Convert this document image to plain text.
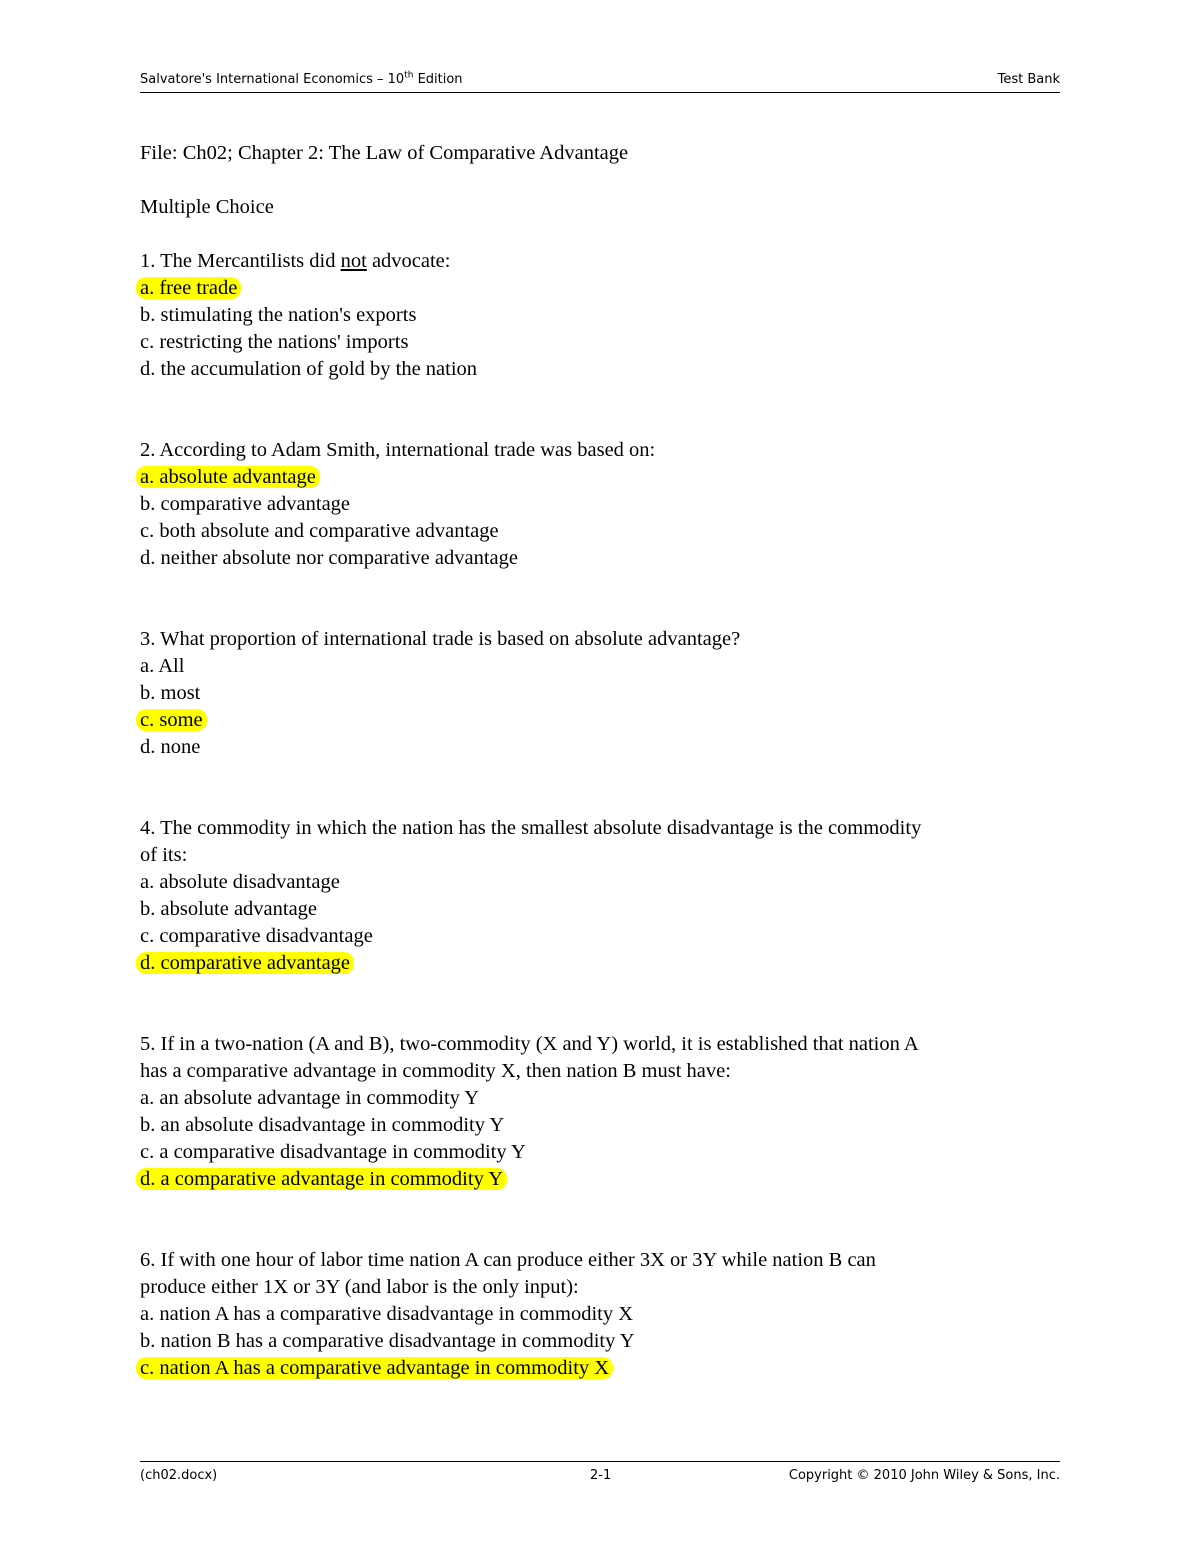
Salvatore's International Economics – 10th Edition	Test Bank
File: Ch02; Chapter 2: The Law of Comparative Advantage
Multiple Choice
1. The Mercantilists did not advocate:
a. free trade
b. stimulating the nation's exports
c. restricting the nations' imports
d. the accumulation of gold by the nation
2. According to Adam Smith, international trade was based on:
a. absolute advantage
b. comparative advantage
c. both absolute and comparative advantage
d. neither absolute nor comparative advantage
3. What proportion of international trade is based on absolute advantage?
a. All
b. most
c. some
d. none
4. The commodity in which the nation has the smallest absolute disadvantage is the commodity
of its:
a. absolute disadvantage
b. absolute advantage
c. comparative disadvantage
d. comparative advantage
5. If in a two-nation (A and B), two-commodity (X and Y) world, it is established that nation A
has a comparative advantage in commodity X, then nation B must have:
a. an absolute advantage in commodity Y
b. an absolute disadvantage in commodity Y
c. a comparative disadvantage in commodity Y
d. a comparative advantage in commodity Y
6. If with one hour of labor time nation A can produce either 3X or 3Y while nation B can
produce either 1X or 3Y (and labor is the only input):
a. nation A has a comparative disadvantage in commodity X
b. nation B has a comparative disadvantage in commodity Y
c. nation A has a comparative advantage in commodity X
(ch02.docx)	2-1	Copyright © 2010 John Wiley & Sons, Inc.
